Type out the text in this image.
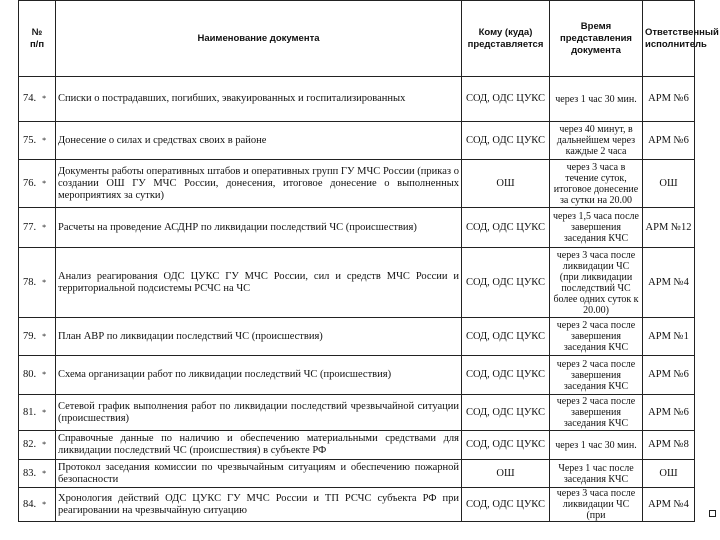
№
п/п	Наименование документа	Кому (куда) представляется	Время представления документа	Ответственный исполнитель
74. *	Списки о пострадавших, погибших, эвакуированных и госпитализированных	СОД, ОДС ЦУКС	через 1 час 30 мин.	АРМ №6
75. *	Донесение о силах и средствах своих в районе	СОД, ОДС ЦУКС	через 40 минут, в дальнейшем через каждые 2 часа	АРМ №6
76. *	Документы работы оперативных штабов и оперативных групп ГУ МЧС России (приказ о создании ОШ ГУ МЧС России, донесения, итоговое донесение о выполненных мероприятиях за сутки)	ОШ	через 3 часа в течение суток, итоговое донесение за сутки на 20.00	ОШ
77. *	Расчеты на проведение АСДНР по ликвидации последствий ЧС (происшествия)	СОД, ОДС ЦУКС	через 1,5 часа после завершения заседания КЧС	АРМ №12
78. *	Анализ реагирования ОДС ЦУКС ГУ МЧС России, сил и средств МЧС России и территориальной подсистемы РСЧС на ЧС	СОД, ОДС ЦУКС	через 3 часа после ликвидации ЧС (при ликвидации последствий ЧС более одних суток к 20.00)	АРМ №4
79. *	План АВР по ликвидации последствий ЧС (происшествия)	СОД, ОДС ЦУКС	через 2 часа после завершения заседания КЧС	АРМ №1
80. *	Схема организации работ по ликвидации последствий ЧС (происшествия)	СОД, ОДС ЦУКС	через 2 часа после завершения заседания КЧС	АРМ №6
81. *	Сетевой график выполнения работ по ликвидации последствий чрезвычайной ситуации (происшествия)	СОД, ОДС ЦУКС	через 2 часа после завершения заседания КЧС	АРМ №6
82. *	Справочные данные по наличию и обеспечению материальными средствами для ликвидации последствий ЧС (происшествия) в субъекте РФ	СОД, ОДС ЦУКС	через 1 час 30 мин.	АРМ №8
83. *	Протокол заседания комиссии по чрезвычайным ситуациям и обеспечению пожарной безопасности	ОШ	Через 1 час после заседания КЧС	ОШ
84. *	Хронология действий ОДС ЦУКС ГУ МЧС России и ТП РСЧС субъекта РФ при реагировании на чрезвычайную ситуацию	СОД, ОДС ЦУКС	через 3 часа после ликвидации ЧС (при	АРМ №4
